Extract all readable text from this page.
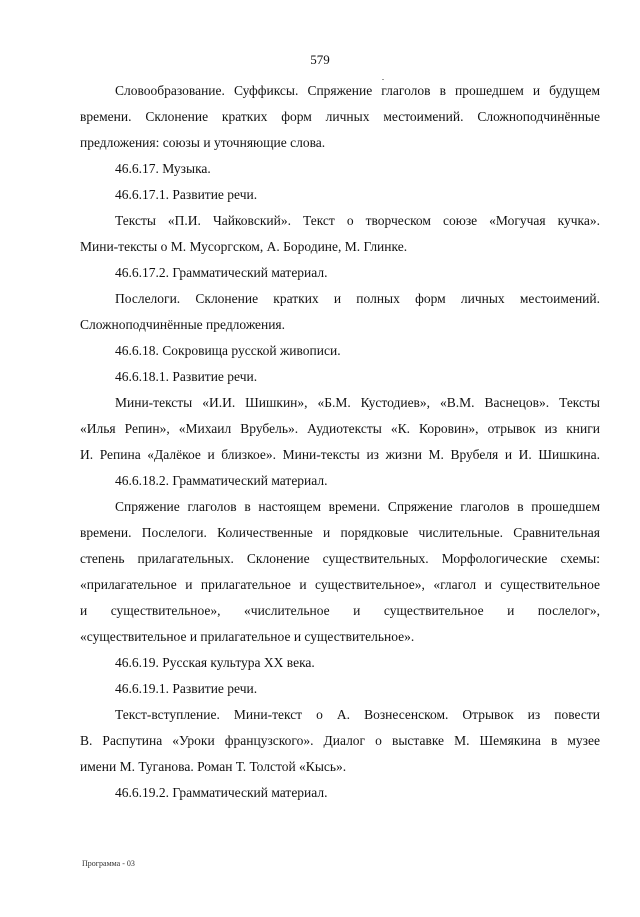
579
Словообразование. Суффиксы. Спряжение глаголов в прошедшем и будущем
времени. Склонение кратких форм личных местоимений. Сложноподчинённые
предложения: союзы и уточняющие слова.
46.6.17. Музыка.
46.6.17.1. Развитие речи.
Тексты «П.И. Чайковский». Текст о творческом союзе «Могучая кучка».
Мини-тексты о М. Мусоргском, А. Бородине, М. Глинке.
46.6.17.2. Грамматический материал.
Послелоги. Склонение кратких и полных форм личных местоимений.
Сложноподчинённые предложения.
46.6.18. Сокровища русской живописи.
46.6.18.1. Развитие речи.
Мини-тексты «И.И. Шишкин», «Б.М. Кустодиев», «В.М. Васнецов». Тексты
«Илья Репин», «Михаил Врубель». Аудиотексты «К. Коровин», отрывок из книги
И. Репина «Далёкое и близкое». Мини-тексты из жизни М. Врубеля и И. Шишкина.
46.6.18.2. Грамматический материал.
Спряжение глаголов в настоящем времени. Спряжение глаголов в прошедшем
времени. Послелоги. Количественные и порядковые числительные. Сравнительная
степень прилагательных. Склонение существительных. Морфологические схемы:
«прилагательное и прилагательное и существительное», «глагол и существительное
и существительное», «числительное и существительное и послелог»,
«существительное и прилагательное и существительное».
46.6.19. Русская культура XX века.
46.6.19.1. Развитие речи.
Текст-вступление. Мини-текст о А. Вознесенском. Отрывок из повести
В. Распутина «Уроки французского». Диалог о выставке М. Шемякина в музее
имени М. Туганова. Роман Т. Толстой «Кысь».
46.6.19.2. Грамматический материал.
Программа - 03
